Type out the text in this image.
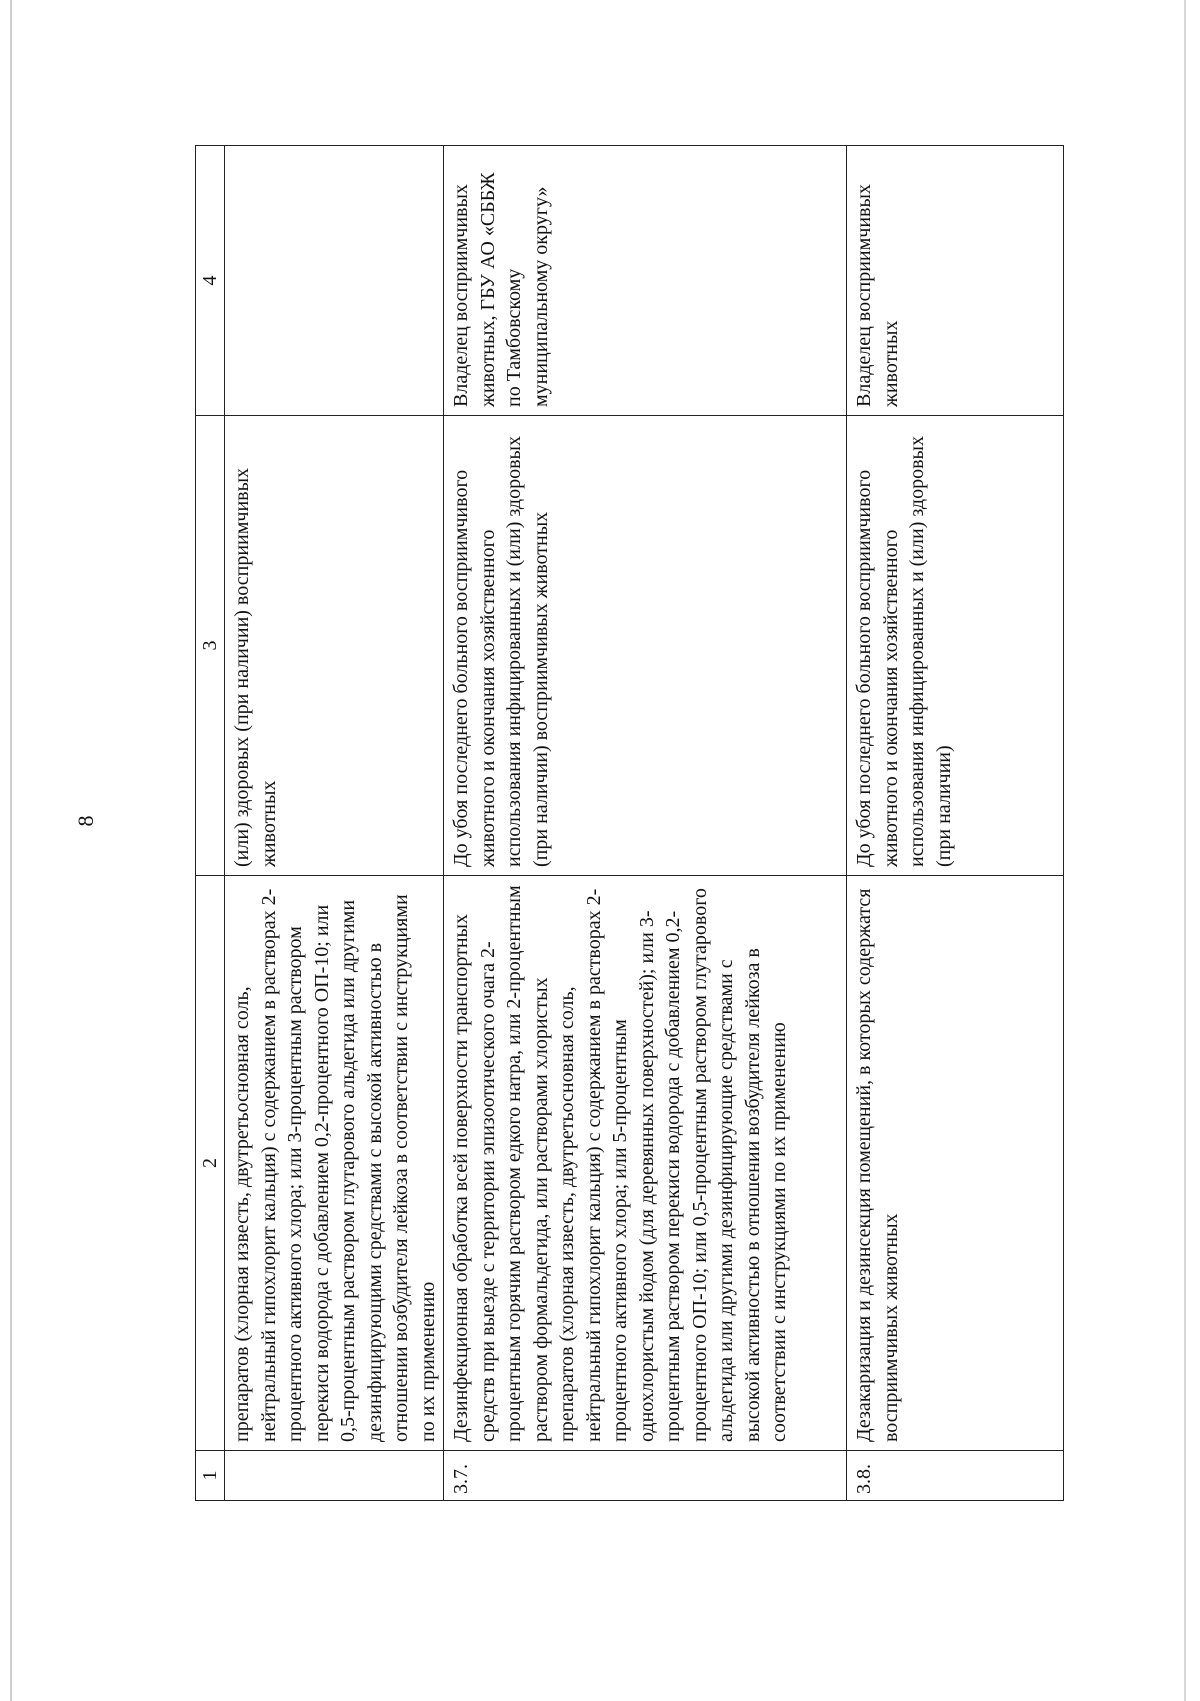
8
1	2	3	4
	препаратов (хлорная известь, двутретьосновная соль, нейтральный гипохлорит кальция) с содержанием в растворах 2-процентного активного хлора; или 3-процентным раствором перекиси водорода с добавлением 0,2-процентного ОП-10; или 0,5-процентным раствором глутарового альдегида или другими дезинфицирующими средствами с высокой активностью в отношении возбудителя лейкоза в соответствии с инструкциями по их применению	(или) здоровых (при наличии) восприимчивых животных	
3.7.	Дезинфекционная обработка всей поверхности транспортных средств при выезде с территории эпизоотического очага 2-процентным горячим раствором едкого натра, или 2-процентным раствором формальдегида, или растворами хлористых препаратов (хлорная известь, двутретьосновная соль, нейтральный гипохлорит кальция) с содержанием в растворах 2-процентного активного хлора; или 5-процентным однохлористым йодом (для деревянных поверхностей); или 3-процентным раствором перекиси водорода с добавлением 0,2-процентного ОП-10; или 0,5-процентным раствором глутарового альдегида или другими дезинфицирующие средствами с высокой активностью в отношении возбудителя лейкоза в соответствии с инструкциями по их применению	До убоя последнего больного восприимчивого животного и окончания хозяйственного использования инфицированных и (или) здоровых (при наличии) восприимчивых животных	Владелец восприимчивых животных, ГБУ АО «СББЖ по Тамбовскому муниципальному округу»
3.8.	Дезакаризация и дезинсекция помещений, в которых содержатся восприимчивых животных	До убоя последнего больного восприимчивого животного и окончания хозяйственного использования инфицированных и (или) здоровых (при наличии)	Владелец восприимчивых животных
